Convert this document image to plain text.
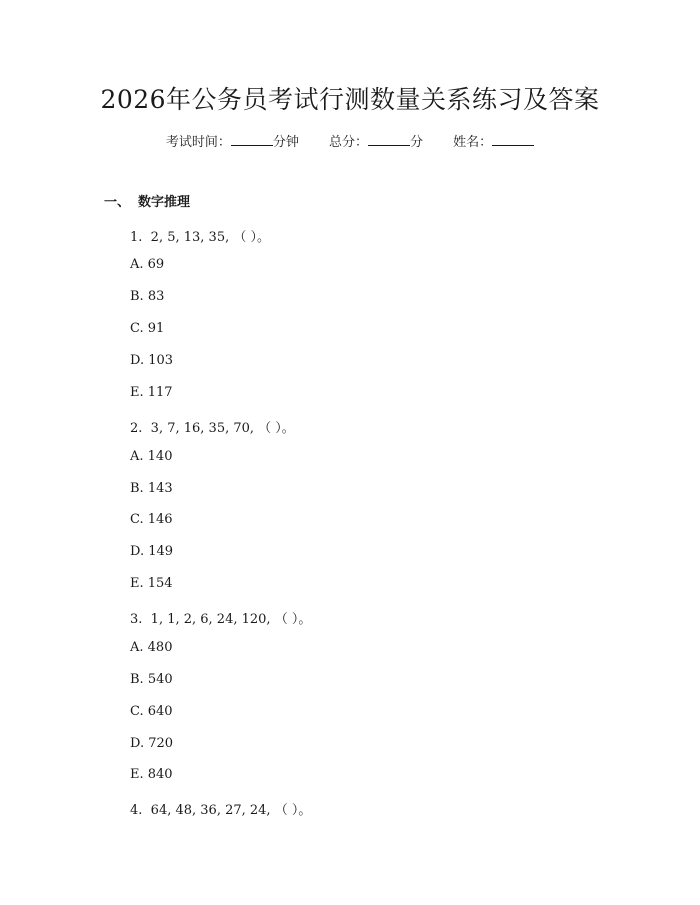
2026年公务员考试行测数量关系练习及答案
考试时间：	分钟 总分：	分 姓名：
一、 数字推理
1.  2, 5, 13, 35, （ ）。
A. 69
B. 83
C. 91
D. 103
E. 117
2.  3, 7, 16, 35, 70, （ ）。
A. 140
B. 143
C. 146
D. 149
E. 154
3.  1, 1, 2, 6, 24, 120, （ ）。
A. 480
B. 540
C. 640
D. 720
E. 840
4.  64, 48, 36, 27, 24, （ ）。
